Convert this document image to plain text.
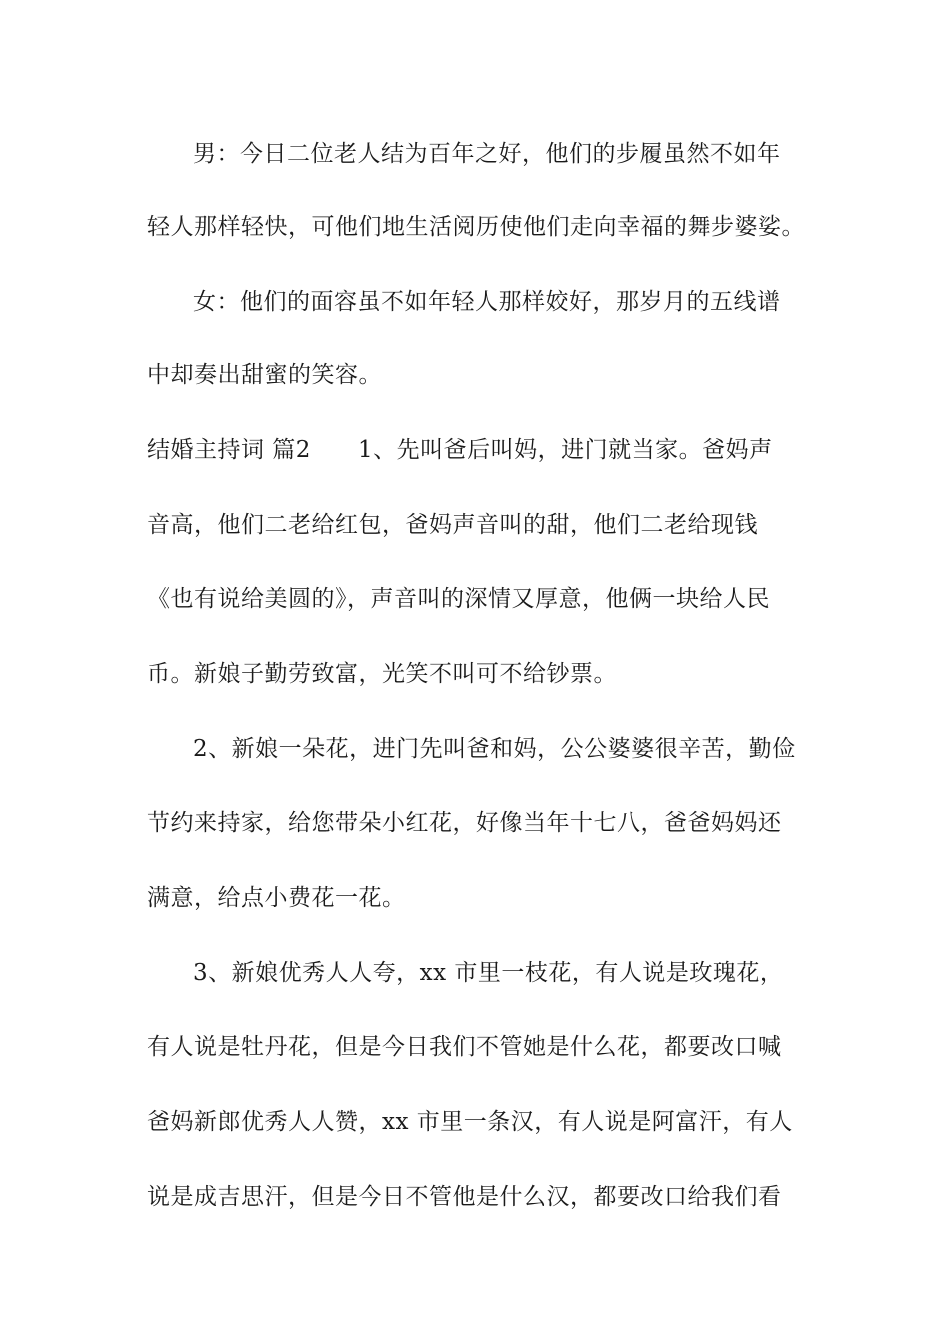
男：今日二位老人结为百年之好，他们的步履虽然不如年
轻人那样轻快，可他们地生活阅历使他们走向幸福的舞步婆娑。
女：他们的面容虽不如年轻人那样姣好，那岁月的五线谱
中却奏出甜蜜的笑容。
结婚主持词 篇2　　1、先叫爸后叫妈，进门就当家。爸妈声
音高，他们二老给红包，爸妈声音叫的甜，他们二老给现钱
《也有说给美圆的》，声音叫的深情又厚意，他俩一块给人民
币。新娘子勤劳致富，光笑不叫可不给钞票。
2、新娘一朵花，进门先叫爸和妈，公公婆婆很辛苦，勤俭
节约来持家，给您带朵小红花，好像当年十七八，爸爸妈妈还
满意，给点小费花一花。
3、新娘优秀人人夸，xx 市里一枝花，有人说是玫瑰花，
有人说是牡丹花，但是今日我们不管她是什么花，都要改口喊
爸妈新郎优秀人人赞，xx 市里一条汉，有人说是阿富汗，有人
说是成吉思汗，但是今日不管他是什么汉，都要改口给我们看
